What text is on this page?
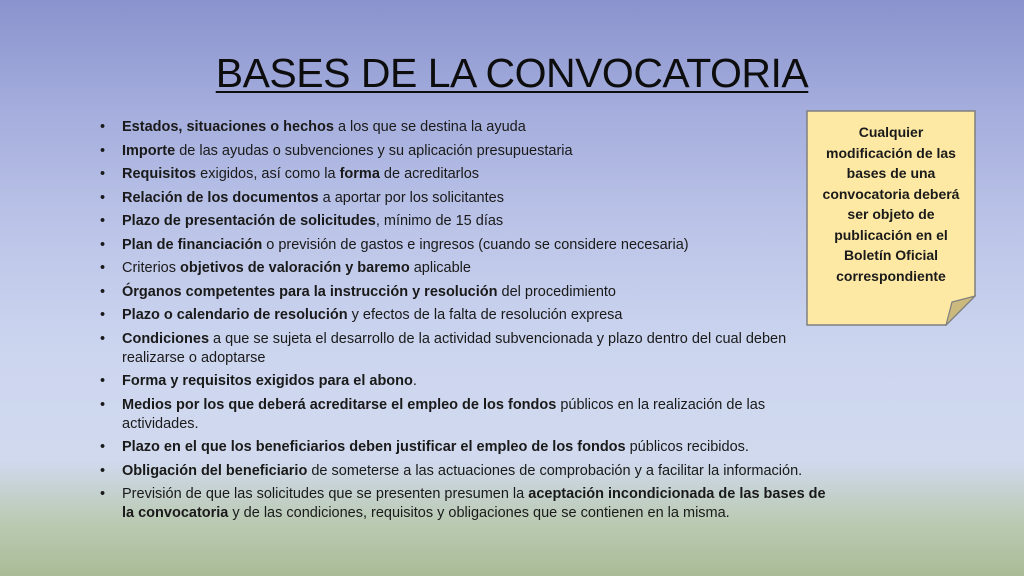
BASES DE LA CONVOCATORIA
• Estados, situaciones o hechos a los que se destina la ayuda
• Importe de las ayudas o subvenciones y su aplicación presupuestaria
• Requisitos exigidos, así como la forma de acreditarlos
• Relación de los documentos a aportar por los solicitantes
• Plazo de presentación de solicitudes, mínimo de 15 días
• Plan de financiación o previsión de gastos e ingresos (cuando se considere necesaria)
• Criterios objetivos de valoración y baremo aplicable
• Órganos competentes para la instrucción y resolución del procedimiento
• Plazo o calendario de resolución y efectos de la falta de resolución expresa
• Condiciones a que se sujeta el desarrollo de la actividad subvencionada y plazo dentro del cual deben realizarse o adoptarse
• Forma y requisitos exigidos para el abono.
• Medios por los que deberá acreditarse el empleo de los fondos públicos en la realización de las actividades.
• Plazo en el que los beneficiarios deben justificar el empleo de los fondos públicos recibidos.
• Obligación del beneficiario de someterse a las actuaciones de comprobación y a facilitar la información.
• Previsión de que las solicitudes que se presenten presumen la aceptación incondicionada de las bases de la convocatoria y de las condiciones, requisitos y obligaciones que se contienen en la misma.
Cualquier
modificación de las
bases de una
convocatoria deberá
ser objeto de
publicación en el
Boletín Oficial
correspondiente
